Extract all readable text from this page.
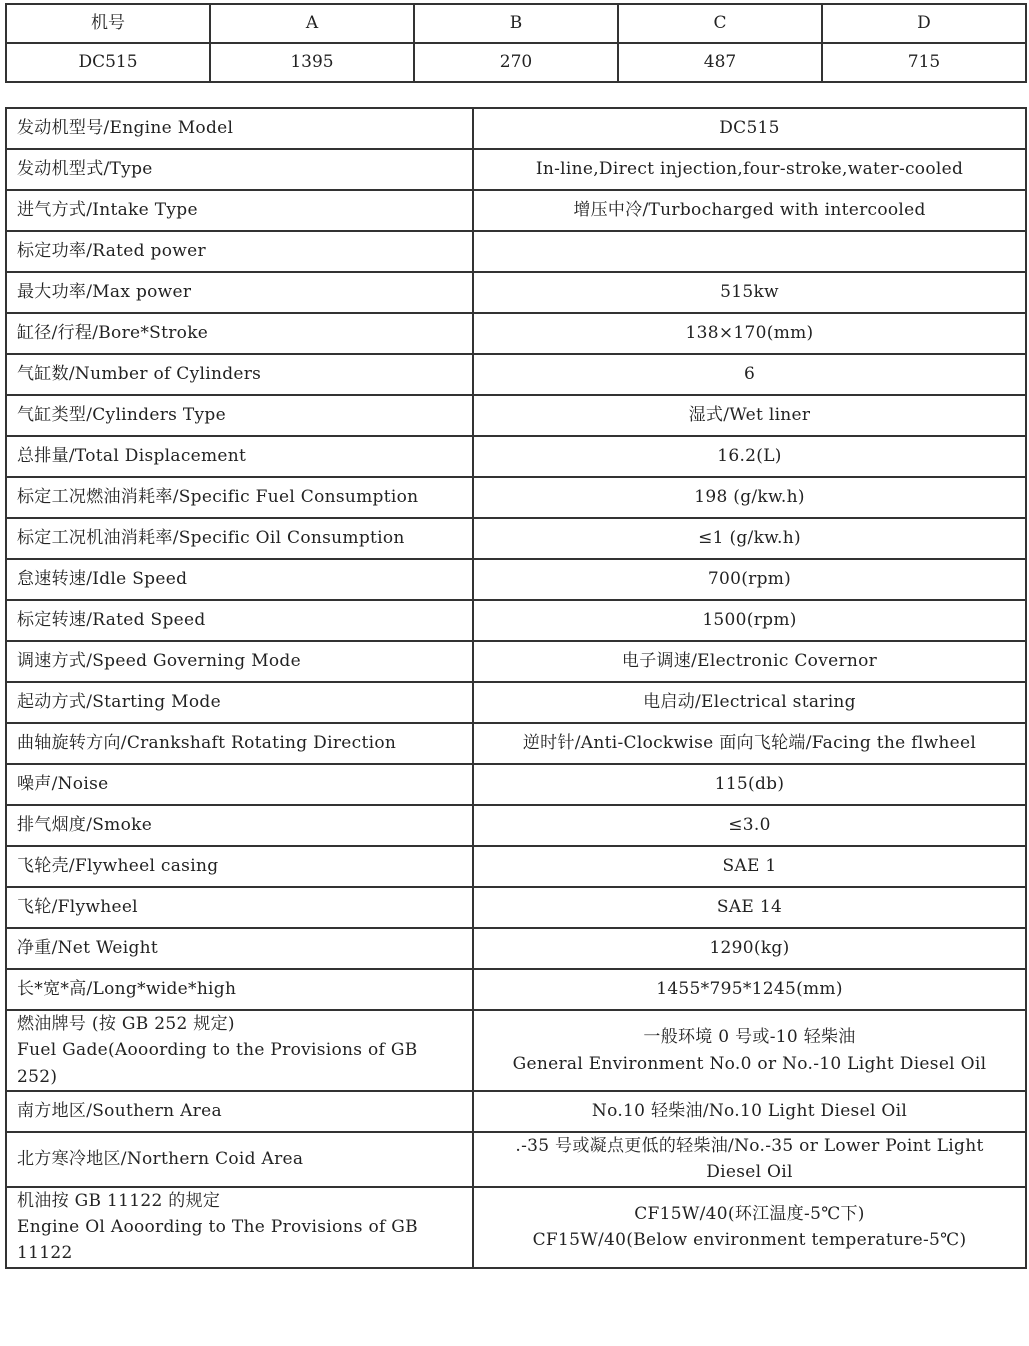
机号	A	B	C	D
DC515	1395	270	487	715
发动机型号/Engine Model	DC515

发动机型式/Type	In-line,Direct injection,four-stroke,water-cooled

进气方式/Intake Type	增压中冷/Turbocharged with intercooled

标定功率/Rated power	

最大功率/Max power	515kw

缸径/行程/Bore*Stroke	138×170(mm)

气缸数/Number of Cylinders	6

气缸类型/Cylinders Type	湿式/Wet liner

总排量/Total Displacement	16.2(L)

标定工况燃油消耗率/Specific Fuel Consumption	198 (g/kw.h)

标定工况机油消耗率/Specific Oil Consumption	≤1 (g/kw.h)

怠速转速/Idle Speed	700(rpm)

标定转速/Rated Speed	1500(rpm)

调速方式/Speed Governing Mode	电子调速/Electronic Covernor

起动方式/Starting Mode	电启动/Electrical staring

曲轴旋转方向/Crankshaft Rotating Direction	逆时针/Anti-Clockwise 面向飞轮端/Facing the flwheel

噪声/Noise	115(db)

排气烟度/Smoke	≤3.0

飞轮壳/Flywheel casing	SAE 1

飞轮/Flywheel	SAE 14

净重/Net Weight	1290(kg)

长*宽*高/Long*wide*high	1455*795*1245(mm)

燃油牌号 (按 GB 252 规定)
Fuel Gade(Aooording to the Provisions of GB
252)	一般环境 0 号或-10 轻柴油
General Environment No.0 or No.-10 Light Diesel Oil

南方地区/Southern Area	No.10 轻柴油/No.10 Light Diesel Oil

北方寒冷地区/Northern Coid Area	.-35 号或凝点更低的轻柴油/No.-35 or Lower Point Light
Diesel Oil

机油按 GB 11122 的规定
Engine Ol Aooording to The Provisions of GB
11122	CF15W/40(环江温度-5℃下)
CF15W/40(Below environment temperature-5℃)
